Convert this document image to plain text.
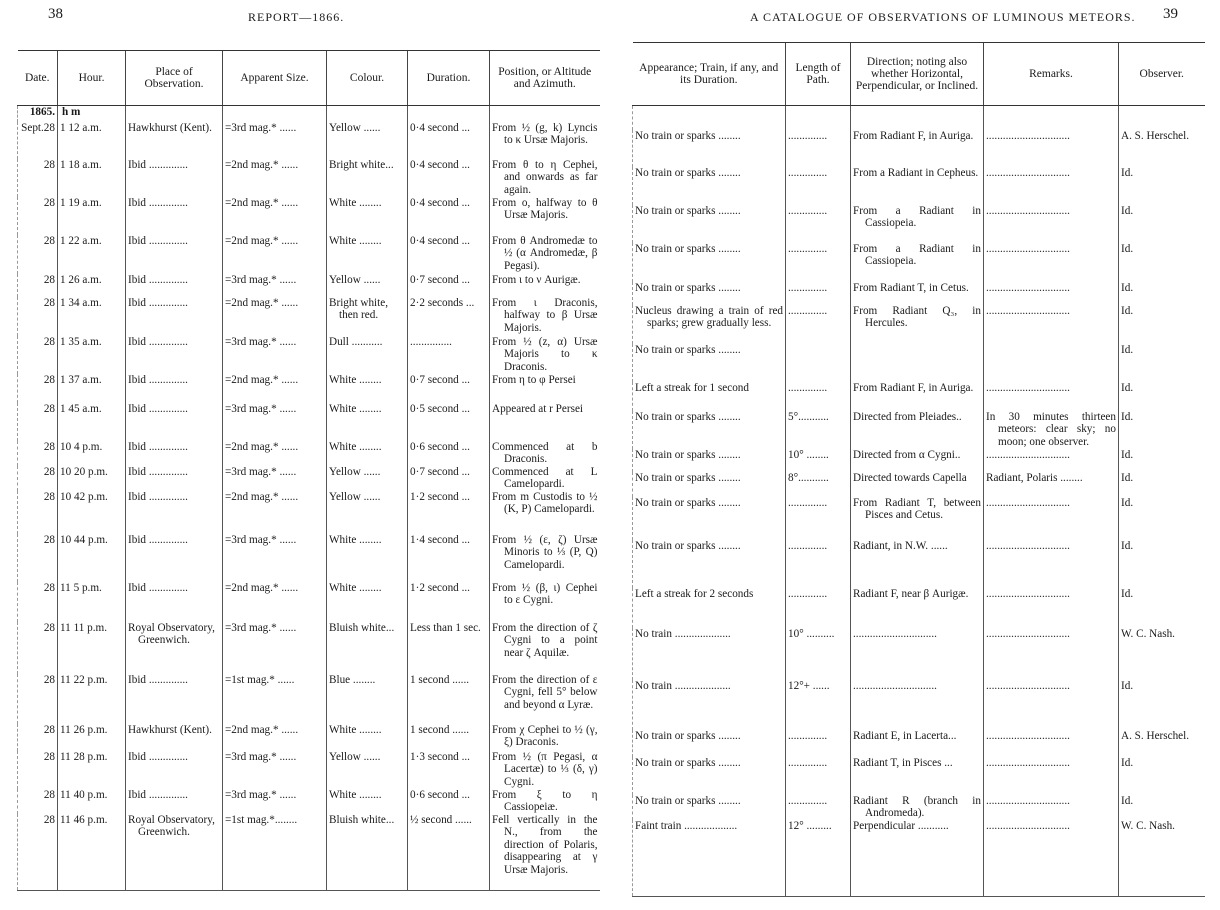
38	REPORT—1866.
Date.	Hour.	Place of Observation.	Apparent Size.	Colour.	Duration.	Position, or Altitude and Azimuth.
1865.	h m					
Sept.28	1 12 a.m.	Hawkhurst (Kent).	=3rd mag.* ......	Yellow ......	0·4 second ...	From ½ (g, k) Lyncis to κ Ursæ Majoris.
28	1 18 a.m.	Ibid ..............	=2nd mag.* ......	Bright white...	0·4 second ...	From θ to η Cephei, and onwards as far again.
28	1 19 a.m.	Ibid ..............	=2nd mag.* ......	White ........	0·4 second ...	From ο, halfway to θ Ursæ Majoris.
28	1 22 a.m.	Ibid ..............	=2nd mag.* ......	White ........	0·4 second ...	From θ Andromedæ to ½ (α Andromedæ, β Pegasi).
28	1 26 a.m.	Ibid ..............	=3rd mag.* ......	Yellow ......	0·7 second ...	From ι to ν Aurigæ.
28	1 34 a.m.	Ibid ..............	=2nd mag.* ......	Bright white, then red.	2·2 seconds ...	From ι Draconis, halfway to β Ursæ Majoris.
28	1 35 a.m.	Ibid ..............	=3rd mag.* ......	Dull ...........	...............	From ½ (z, α) Ursæ Majoris to κ Draconis.
28	1 37 a.m.	Ibid ..............	=2nd mag.* ......	White ........	0·7 second ...	From η to φ Persei
28	1 45 a.m.	Ibid ..............	=3rd mag.* ......	White ........	0·5 second ...	Appeared at r Persei
28	10 4 p.m.	Ibid ..............	=2nd mag.* ......	White ........	0·6 second ...	Commenced at b Draconis.
28	10 20 p.m.	Ibid ..............	=3rd mag.* ......	Yellow ......	0·7 second ...	Commenced at L Camelopardi.
28	10 42 p.m.	Ibid ..............	=2nd mag.* ......	Yellow ......	1·2 second ...	From m Custodis to ½ (K, P) Camelopardi.
28	10 44 p.m.	Ibid ..............	=3rd mag.* ......	White ........	1·4 second ...	From ½ (ε, ζ) Ursæ Minoris to ⅓ (P, Q) Camelopardi.
28	11 5 p.m.	Ibid ..............	=2nd mag.* ......	White ........	1·2 second ...	From ½ (β, ι) Cephei to ε Cygni.
28	11 11 p.m.	Royal Observatory, Greenwich.	=3rd mag.* ......	Bluish white...	Less than 1 sec.	From the direction of ζ Cygni to a point near ζ Aquilæ.
28	11 22 p.m.	Ibid ..............	=1st mag.* ......	Blue ........	1 second ......	From the direction of ε Cygni, fell 5° below and beyond α Lyræ.
28	11 26 p.m.	Hawkhurst (Kent).	=2nd mag.* ......	White ........	1 second ......	From χ Cephei to ½ (γ, ξ) Draconis.
28	11 28 p.m.	Ibid ..............	=3rd mag.* ......	Yellow ......	1·3 second ...	From ½ (π Pegasi, α Lacertæ) to ⅓ (δ, γ) Cygni.
28	11 40 p.m.	Ibid ..............	=3rd mag.* ......	White ........	0·6 second ...	From ξ to η Cassiopeiæ.
28	11 46 p.m.	Royal Observatory, Greenwich.	=1st mag.*........	Bluish white...	½ second ......	Fell vertically in the N., from the direction of Polaris, disappearing at γ Ursæ Majoris.
A CATALOGUE OF OBSERVATIONS OF LUMINOUS METEORS. 39
Appearance; Train, if any, and its Duration.	Length of Path.	Direction; noting also whether Horizontal, Perpendicular, or Inclined.	Remarks.	Observer.

No train or sparks ........	..............	From Radiant F, in Auriga.	..............................	A. S. Herschel.
No train or sparks ........	..............	From a Radiant in Cepheus.	..............................	Id.
No train or sparks ........	..............	From a Radiant in Cassiopeia.	..............................	Id.
No train or sparks ........	..............	From a Radiant in Cassiopeia.	..............................	Id.
No train or sparks ........	..............	From Radiant T, in Cetus.	..............................	Id.
Nucleus drawing a train of red sparks; grew gradually less.	..............	From Radiant Q₃, in Hercules.	..............................	Id.
No train or sparks ........				Id.
Left a streak for 1 second	..............	From Radiant F, in Auriga.	..............................	Id.
No train or sparks ........	5°...........	Directed from Pleiades..	In 30 minutes thirteen meteors: clear sky; no moon; one observer.	Id.
No train or sparks ........	10° ........	Directed from α Cygni..	..............................	Id.
No train or sparks ........	8°...........	Directed towards Capella	Radiant, Polaris ........	Id.
No train or sparks ........	..............	From Radiant T, between Pisces and Cetus.	..............................	Id.
No train or sparks ........	..............	Radiant, in N.W. ......	..............................	Id.
Left a streak for 2 seconds	..............	Radiant F, near β Aurigæ.	..............................	Id.
No train ....................	10° ..........	..............................	..............................	W. C. Nash.
No train ....................	12°+ ......	..............................	..............................	Id.
No train or sparks ........	..............	Radiant E, in Lacerta...	..............................	A. S. Herschel.
No train or sparks ........	..............	Radiant T, in Pisces ...	..............................	Id.
No train or sparks ........	..............	Radiant R (branch in Andromeda).	..............................	Id.
Faint train ...................	12° .........	Perpendicular ...........	..............................	W. C. Nash.
